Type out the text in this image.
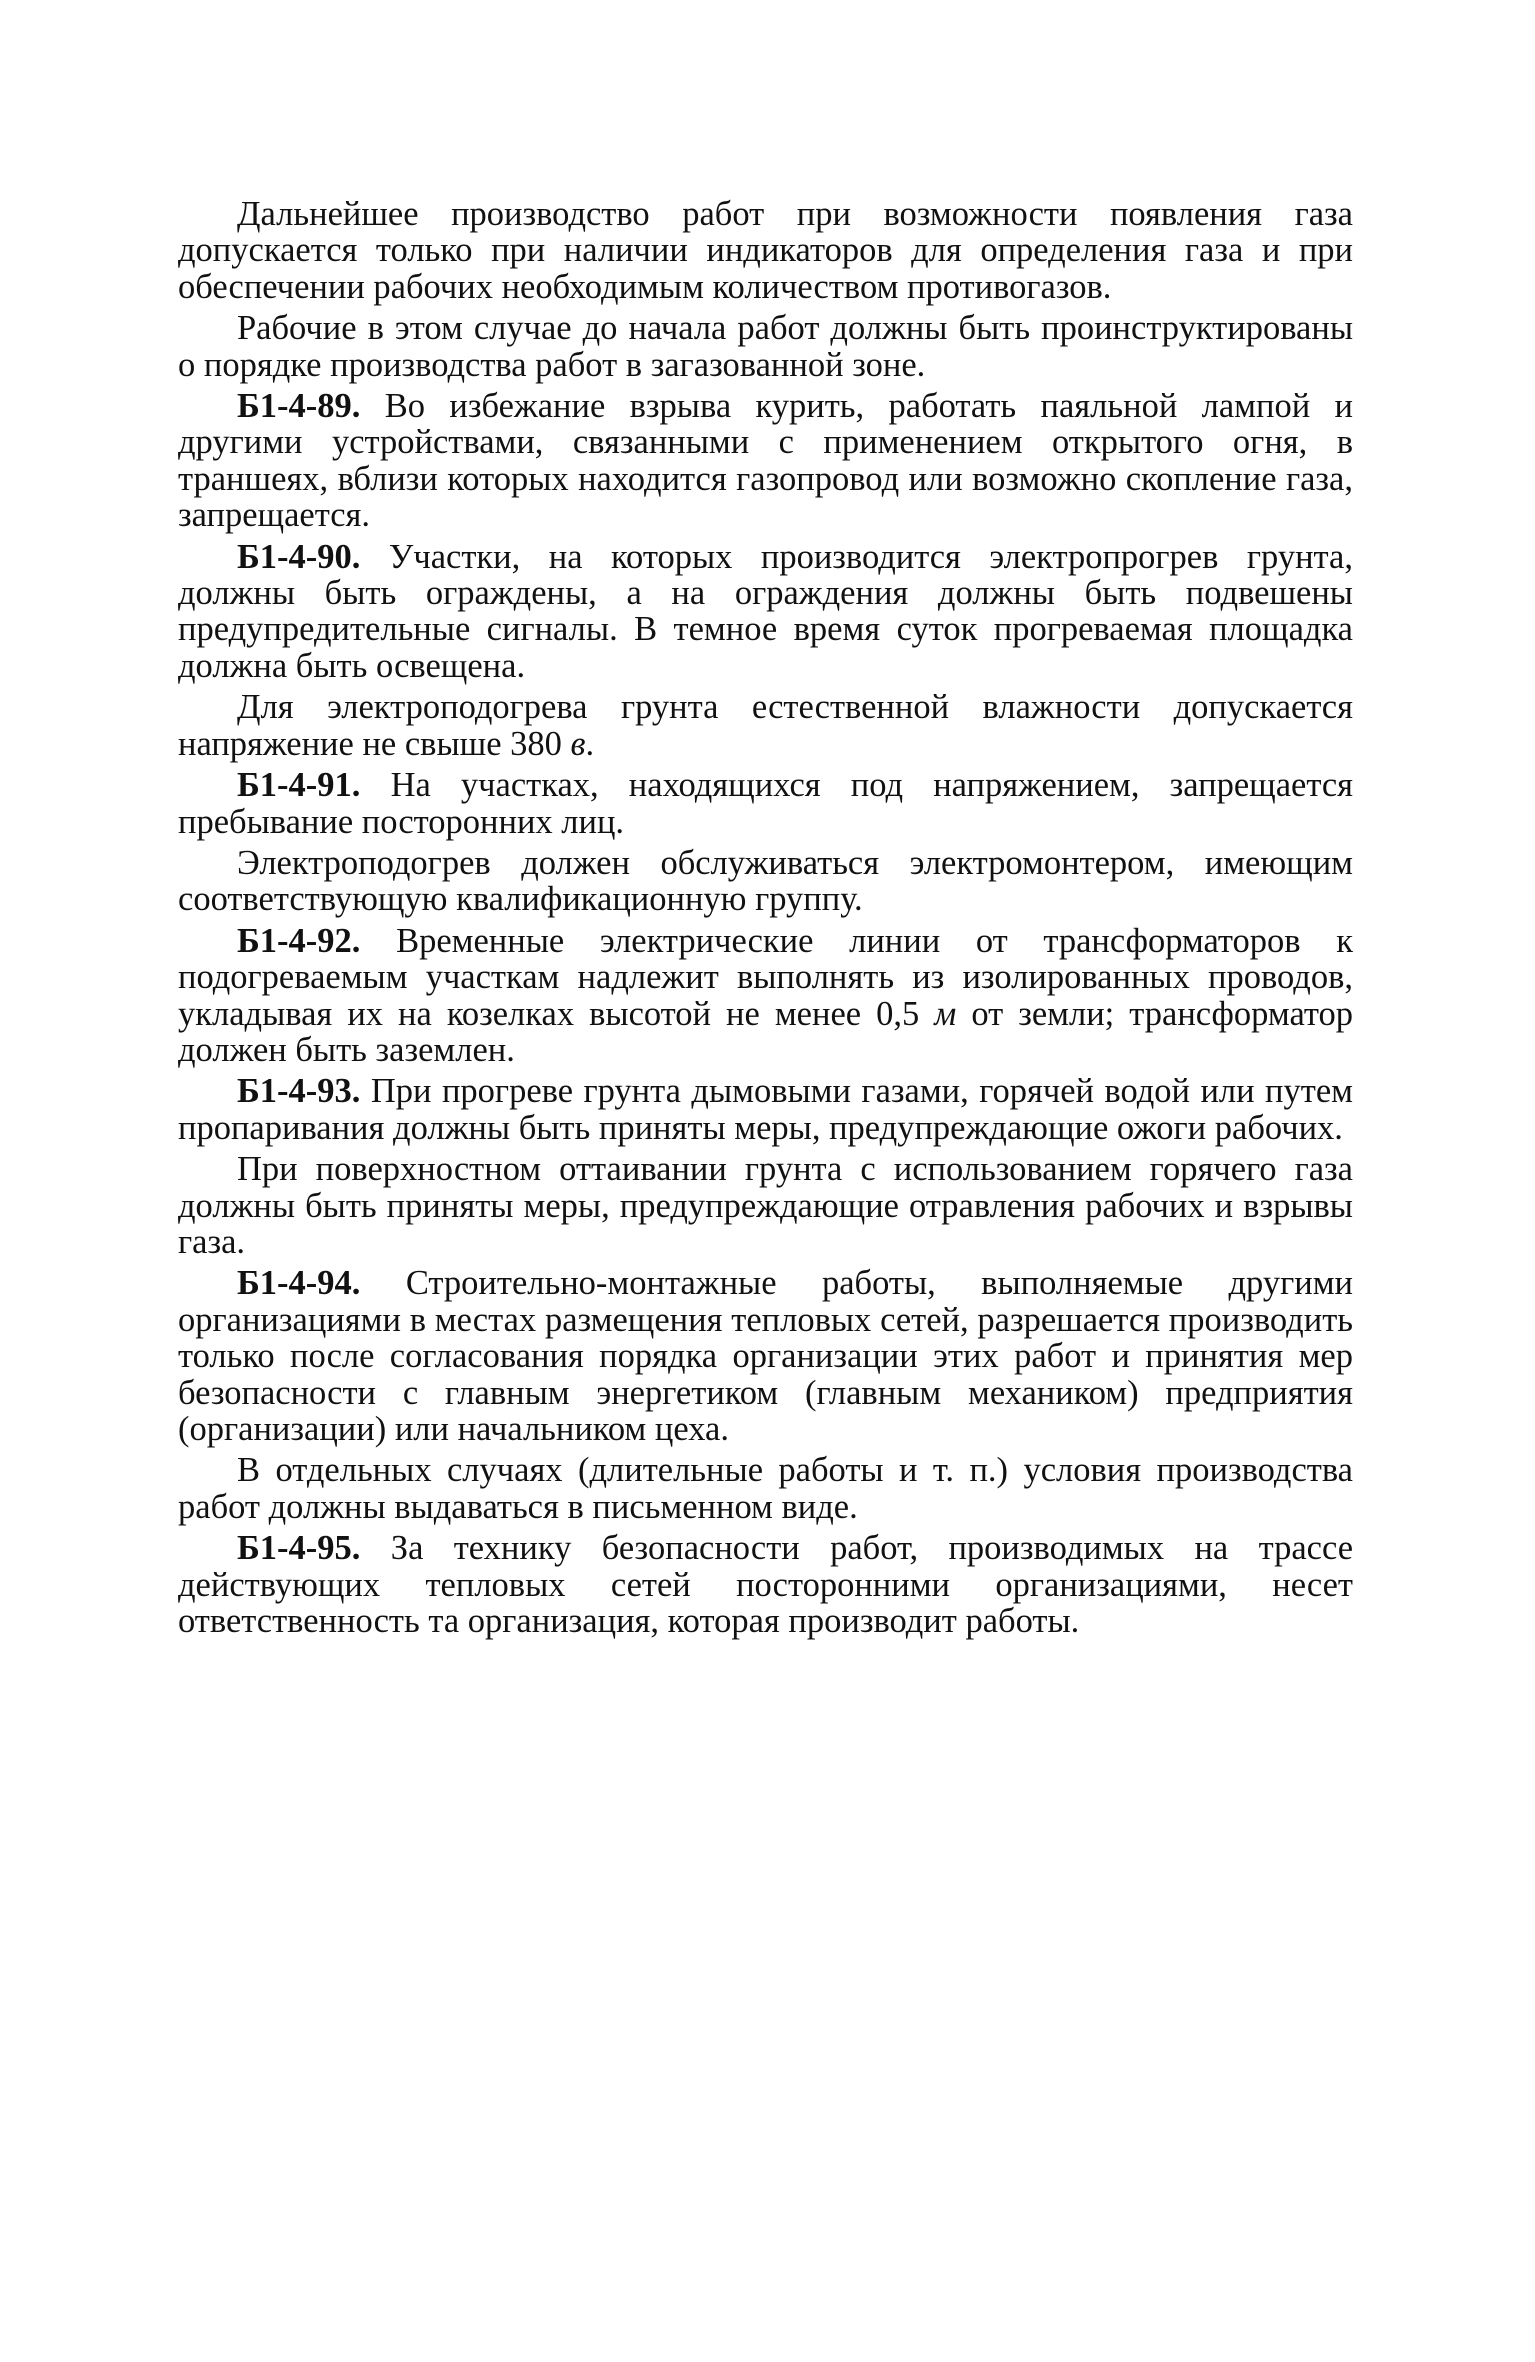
Дальнейшее производство работ при возможности появления газа допускается только при наличии индикаторов для определения газа и при обеспечении рабочих необходимым количеством противогазов.

Рабочие в этом случае до начала работ должны быть проинструктированы о порядке производства работ в загазованной зоне.

Б1-4-89. Во избежание взрыва курить, работать паяльной лампой и другими устройствами, связанными с применением открытого огня, в траншеях, вблизи которых находится газопровод или возможно скопление газа, запрещается.

Б1-4-90. Участки, на которых производится электропрогрев грунта, должны быть ограждены, а на ограждения должны быть подвешены предупредительные сигналы. В темное время суток прогреваемая площадка должна быть освещена.

Для электроподогрева грунта естественной влажности допускается напряжение не свыше 380 в.

Б1-4-91. На участках, находящихся под напряжением, запрещается пребывание посторонних лиц.

Электроподогрев должен обслуживаться электромонтером, имеющим соответствующую квалификационную группу.

Б1-4-92. Временные электрические линии от трансформаторов к подогреваемым участкам надлежит выполнять из изолированных проводов, укладывая их на козелках высотой не менее 0,5 м от земли; трансформатор должен быть заземлен.

Б1-4-93. При прогреве грунта дымовыми газами, горячей водой или путем пропаривания должны быть приняты меры, предупреждающие ожоги рабочих.

При поверхностном оттаивании грунта с использованием горячего газа должны быть приняты меры, предупреждающие отравления рабочих и взрывы газа.

Б1-4-94. Строительно-монтажные работы, выполняемые другими организациями в местах размещения тепловых сетей, разрешается производить только после согласования порядка организации этих работ и принятия мер безопасности с главным энергетиком (главным механиком) предприятия (организации) или начальником цеха.

В отдельных случаях (длительные работы и т. п.) условия производства работ должны выдаваться в письменном виде.

Б1-4-95. За технику безопасности работ, производимых на трассе действующих тепловых сетей посторонними организациями, несет ответственность та организация, которая производит работы.
